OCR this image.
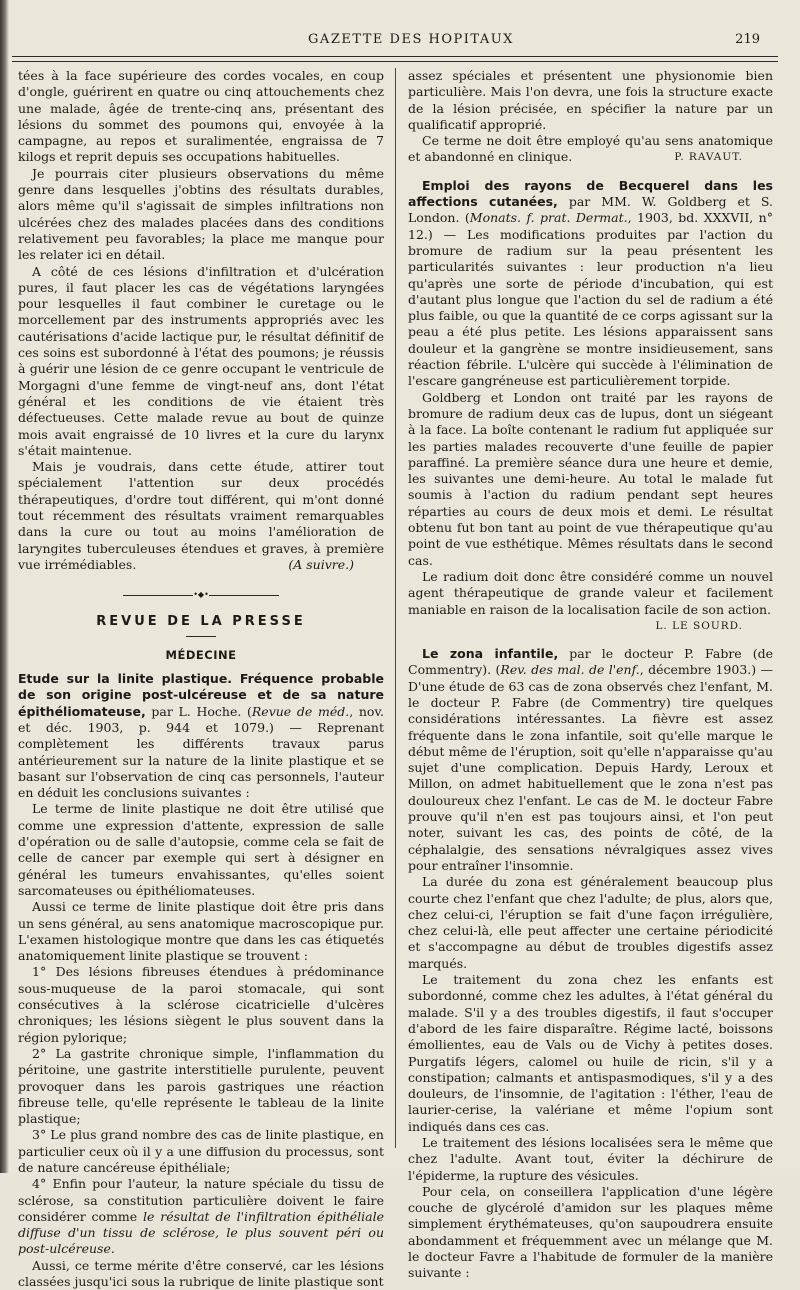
GAZETTE DES HOPITAUX	219

tées à la face supérieure des cordes vocales, en coup d'ongle, guérirent en quatre ou cinq attouchements chez une malade, âgée de trente-cinq ans, présentant des lésions du sommet des poumons qui, envoyée à la campagne, au repos et suralimentée, engraissa de 7 kilogs et reprit depuis ses occupations habituelles.

Je pourrais citer plusieurs observations du même genre dans lesquelles j'obtins des résultats durables, alors même qu'il s'agissait de simples infiltrations non ulcérées chez des malades placées dans des conditions relativement peu favorables; la place me manque pour les relater ici en détail.

A côté de ces lésions d'infiltration et d'ulcération pures, il faut placer les cas de végétations laryngées pour lesquelles il faut combiner le curetage ou le morcellement par des instruments appropriés avec les cautérisations d'acide lactique pur, le résultat définitif de ces soins est subordonné à l'état des poumons; je réussis à guérir une lésion de ce genre occupant le ventricule de Morgagni d'une femme de vingt-neuf ans, dont l'état général et les conditions de vie étaient très défectueuses. Cette malade revue au bout de quinze mois avait engraissé de 10 livres et la cure du larynx s'était maintenue.

Mais je voudrais, dans cette étude, attirer tout spécialement l'attention sur deux procédés thérapeutiques, d'ordre tout différent, qui m'ont donné tout récemment des résultats vraiment remarquables dans la cure ou tout au moins l'amélioration de laryngites tuberculeuses étendues et graves, à première vue irrémédiables.	(A suivre.)

•◆•
REVUE DE LA PRESSE
MÉDECINE

Etude sur la linite plastique. Fréquence probable de son origine post-ulcéreuse et de sa nature épithéliomateuse, par L. Hoche. (Revue de méd., nov. et déc. 1903, p. 944 et 1079.) — Reprenant complètement les différents travaux parus antérieurement sur la nature de la linite plastique et se basant sur l'observation de cinq cas personnels, l'auteur en déduit les conclusions suivantes :

Le terme de linite plastique ne doit être utilisé que comme une expression d'attente, expression de salle d'opération ou de salle d'autopsie, comme cela se fait de celle de cancer par exemple qui sert à désigner en général les tumeurs envahissantes, qu'elles soient sarcomateuses ou épithéliomateuses.

Aussi ce terme de linite plastique doit être pris dans un sens général, au sens anatomique macroscopique pur. L'examen histologique montre que dans les cas étiquetés anatomiquement linite plastique se trouvent :

1° Des lésions fibreuses étendues à prédominance sous-muqueuse de la paroi stomacale, qui sont consécutives à la sclérose cicatricielle d'ulcères chroniques; les lésions siègent le plus souvent dans la région pylorique;

2° La gastrite chronique simple, l'inflammation du péritoine, une gastrite interstitielle purulente, peuvent provoquer dans les parois gastriques une réaction fibreuse telle, qu'elle représente le tableau de la linite plastique;

3° Le plus grand nombre des cas de linite plastique, en particulier ceux où il y a une diffusion du processus, sont de nature cancéreuse épithéliale;

4° Enfin pour l'auteur, la nature spéciale du tissu de sclérose, sa constitution particulière doivent le faire considérer comme le résultat de l'infiltration épithéliale diffuse d'un tissu de sclérose, le plus souvent péri ou post-ulcéreuse.

Aussi, ce terme mérite d'être conservé, car les lésions classées jusqu'ici sous la rubrique de linite plastique sont

assez spéciales et présentent une physionomie bien particulière. Mais l'on devra, une fois la structure exacte de la lésion précisée, en spécifier la nature par un qualificatif approprié.

Ce terme ne doit être employé qu'au sens anatomique et abandonné en clinique.	P. RAVAUT.

Emploi des rayons de Becquerel dans les affections cutanées, par MM. W. Goldberg et S. London. (Monats. f. prat. Dermat., 1903, bd. XXXVII, n° 12.) — Les modifications produites par l'action du bromure de radium sur la peau présentent les particularités suivantes : leur production n'a lieu qu'après une sorte de période d'incubation, qui est d'autant plus longue que l'action du sel de radium a été plus faible, ou que la quantité de ce corps agissant sur la peau a été plus petite. Les lésions apparaissent sans douleur et la gangrène se montre insidieusement, sans réaction fébrile. L'ulcère qui succède à l'élimination de l'escare gangréneuse est particulièrement torpide.

Goldberg et London ont traité par les rayons de bromure de radium deux cas de lupus, dont un siégeant à la face. La boîte contenant le radium fut appliquée sur les parties malades recouverte d'une feuille de papier paraffiné. La première séance dura une heure et demie, les suivantes une demi-heure. Au total le malade fut soumis à l'action du radium pendant sept heures réparties au cours de deux mois et demi. Le résultat obtenu fut bon tant au point de vue thérapeutique qu'au point de vue esthétique. Mêmes résultats dans le second cas.

Le radium doit donc être considéré comme un nouvel agent thérapeutique de grande valeur et facilement maniable en raison de la localisation facile de son action.

L. LE SOURD.

Le zona infantile, par le docteur P. Fabre (de Commentry). (Rev. des mal. de l'enf., décembre 1903.) — D'une étude de 63 cas de zona observés chez l'enfant, M. le docteur P. Fabre (de Commentry) tire quelques considérations intéressantes. La fièvre est assez fréquente dans le zona infantile, soit qu'elle marque le début même de l'éruption, soit qu'elle n'apparaisse qu'au sujet d'une complication. Depuis Hardy, Leroux et Millon, on admet habituellement que le zona n'est pas douloureux chez l'enfant. Le cas de M. le docteur Fabre prouve qu'il n'en est pas toujours ainsi, et l'on peut noter, suivant les cas, des points de côté, de la céphalalgie, des sensations névralgiques assez vives pour entraîner l'insomnie.

La durée du zona est généralement beaucoup plus courte chez l'enfant que chez l'adulte; de plus, alors que, chez celui-ci, l'éruption se fait d'une façon irrégulière, chez celui-là, elle peut affecter une certaine périodicité et s'accompagne au début de troubles digestifs assez marqués.

Le traitement du zona chez les enfants est subordonné, comme chez les adultes, à l'état général du malade. S'il y a des troubles digestifs, il faut s'occuper d'abord de les faire disparaître. Régime lacté, boissons émollientes, eau de Vals ou de Vichy à petites doses. Purgatifs légers, calomel ou huile de ricin, s'il y a constipation; calmants et antispasmodiques, s'il y a des douleurs, de l'insomnie, de l'agitation : l'éther, l'eau de laurier-cerise, la valériane et même l'opium sont indiqués dans ces cas.

Le traitement des lésions localisées sera le même que chez l'adulte. Avant tout, éviter la déchirure de l'épiderme, la rupture des vésicules.

Pour cela, on conseillera l'application d'une légère couche de glycérolé d'amidon sur les plaques même simplement érythémateuses, qu'on saupoudrera ensuite abondamment et fréquemment avec un mélange que M. le docteur Favre a l'habitude de formuler de la manière suivante :
